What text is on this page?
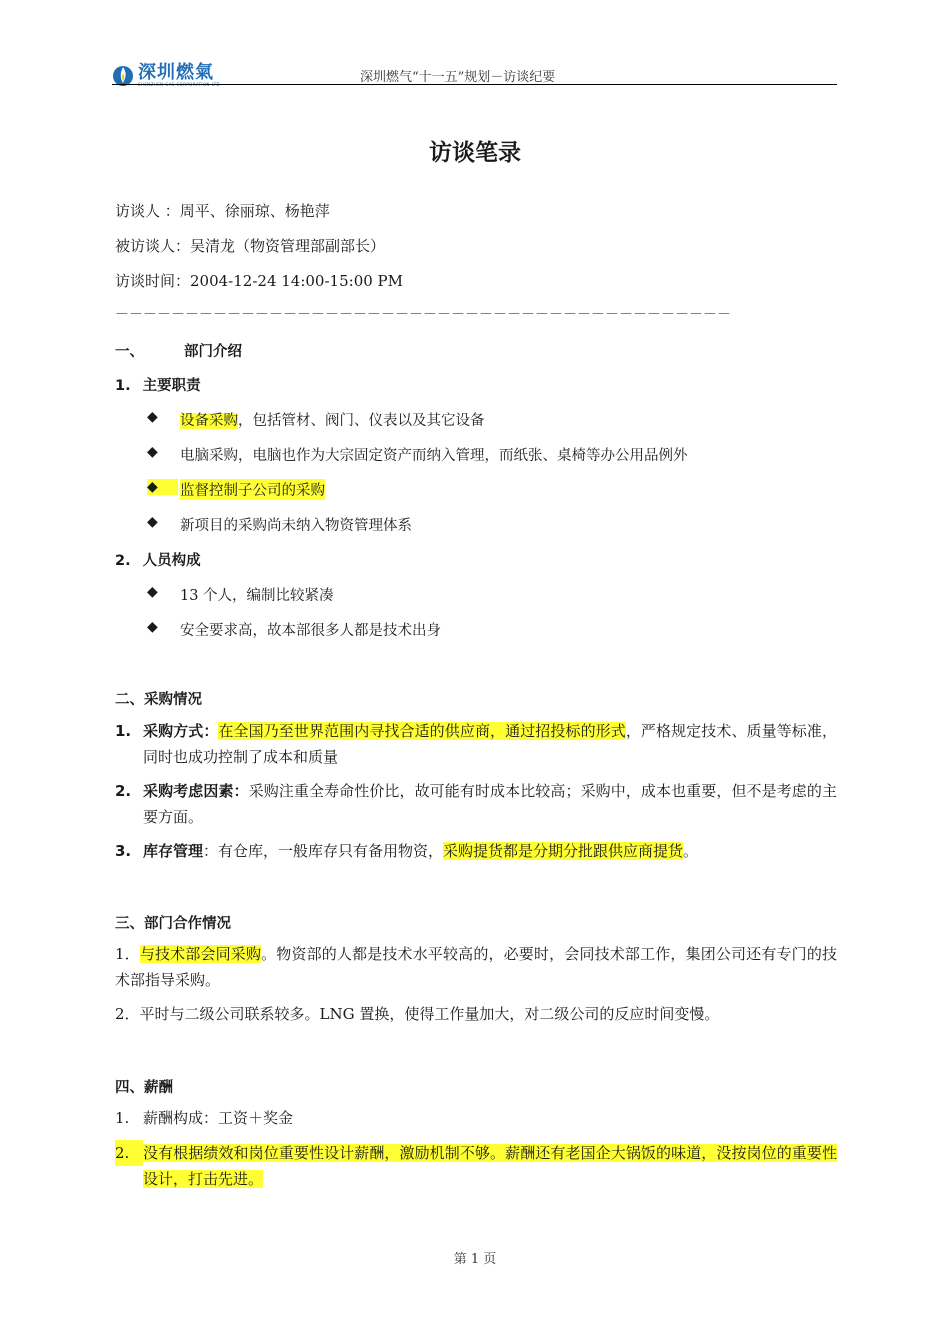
深圳燃氣
SHENZHEN GAS CORPORATION LTD	深圳燃气“十一五”规划－访谈纪要
访谈笔录
访谈人 ：周平、徐丽琼、杨艳萍
被访谈人：吴清龙（物资管理部副部长）
访谈时间：2004-12-24 14:00-15:00 PM
－－－－－－－－－－－－－－－－－－－－－－－－－－－－－－－－－－－－－－－－－－－－
一、	部门介绍
1. 主要职责
◆ 设备采购，包括管材、阀门、仪表以及其它设备
◆ 电脑采购，电脑也作为大宗固定资产而纳入管理，而纸张、桌椅等办公用品例外
◆	监督控制子公司的采购
◆ 新项目的采购尚未纳入物资管理体系
2. 人员构成
◆ 13 个人，编制比较紧凑
◆ 安全要求高，故本部很多人都是技术出身
二、采购情况
1. 采购方式：在全国乃至世界范围内寻找合适的供应商，通过招投标的形式，严格规定技术、质量等标准，同时也成功控制了成本和质量
2. 采购考虑因素：采购注重全寿命性价比，故可能有时成本比较高；采购中，成本也重要，但不是考虑的主要方面。
3. 库存管理：有仓库，一般库存只有备用物资，采购提货都是分期分批跟供应商提货。
三、部门合作情况
1．与技术部会同采购。物资部的人都是技术水平较高的，必要时，会同技术部工作，集团公司还有专门的技术部指导采购。
2．平时与二级公司联系较多。LNG 置换，使得工作量加大，对二级公司的反应时间变慢。
四、薪酬
1. 薪酬构成：工资＋奖金
2. 没有根据绩效和岗位重要性设计薪酬，激励机制不够。薪酬还有老国企大锅饭的味道，没按岗位的重要性设计，打击先进。
第 1 页
